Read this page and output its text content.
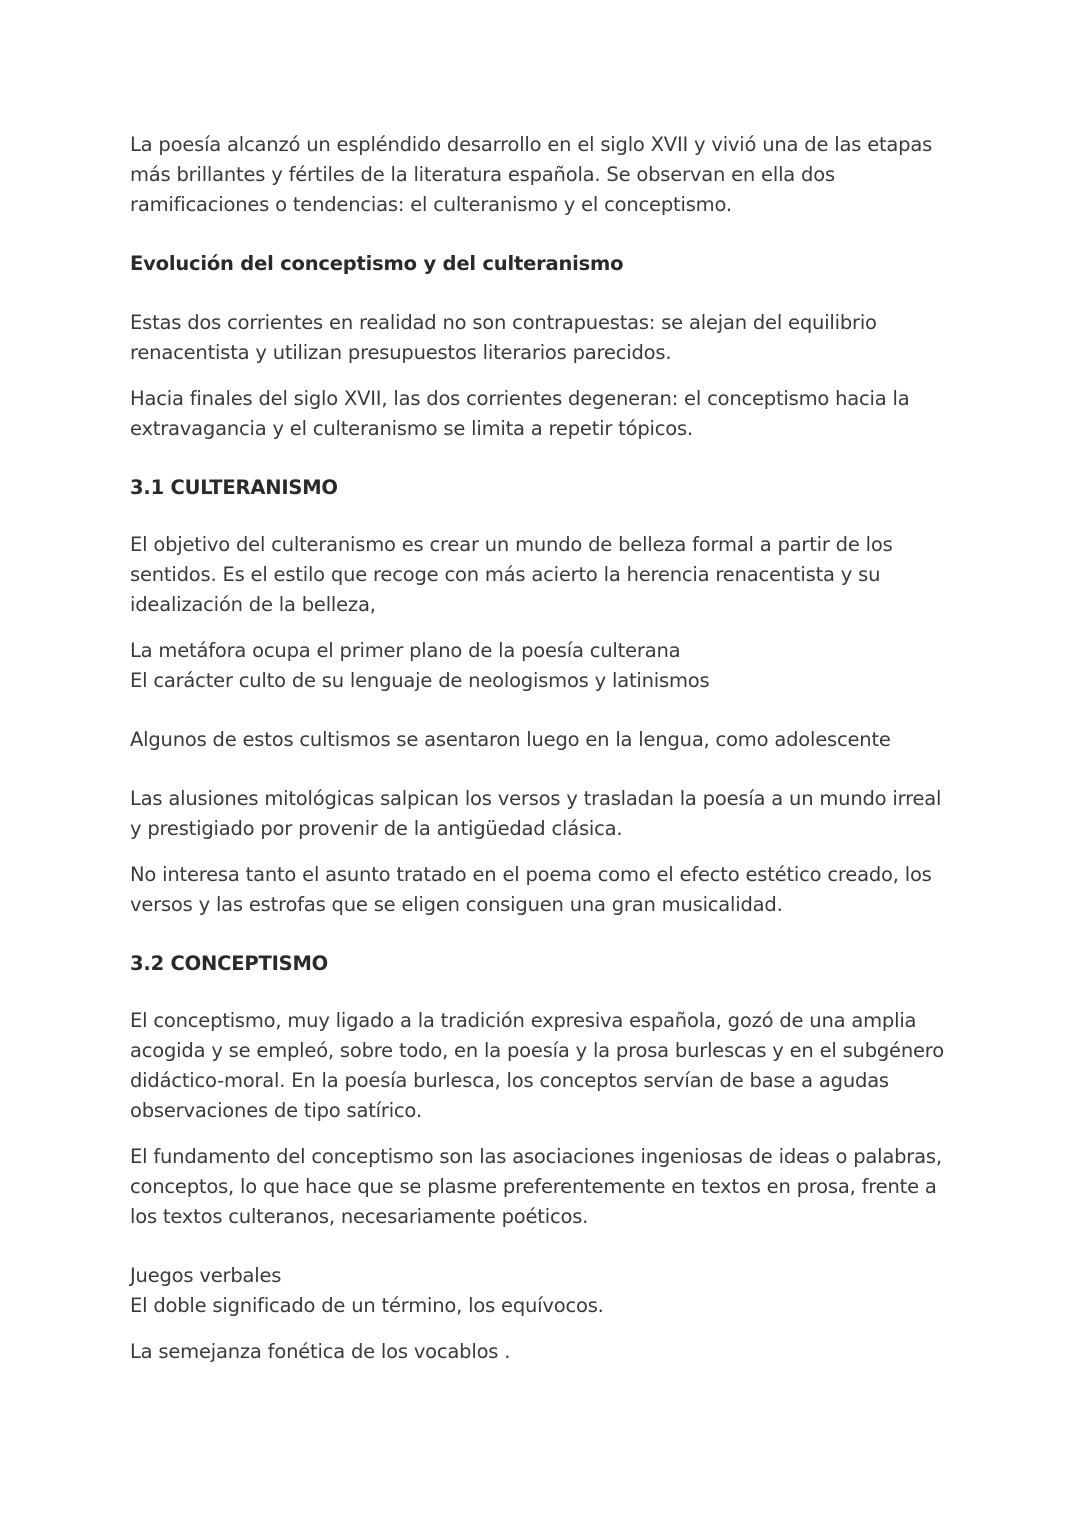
La poesía alcanzó un espléndido desarrollo en el siglo XVII y vivió una de las etapas
más brillantes y fértiles de la literatura española. Se observan en ella dos
ramificaciones o tendencias: el culteranismo y el conceptismo.

Evolución del conceptismo y del culteranismo

Estas dos corrientes en realidad no son contrapuestas: se alejan del equilibrio
renacentista y utilizan presupuestos literarios parecidos.

Hacia finales del siglo XVII, las dos corrientes degeneran: el conceptismo hacia la
extravagancia y el culteranismo se limita a repetir tópicos.

3.1 CULTERANISMO

El objetivo del culteranismo es crear un mundo de belleza formal a partir de los
sentidos. Es el estilo que recoge con más acierto la herencia renacentista y su
idealización de la belleza,

La metáfora ocupa el primer plano de la poesía culterana
El carácter culto de su lenguaje de neologismos y latinismos

Algunos de estos cultismos se asentaron luego en la lengua, como adolescente

Las alusiones mitológicas salpican los versos y trasladan la poesía a un mundo irreal
y prestigiado por provenir de la antigüedad clásica.

No interesa tanto el asunto tratado en el poema como el efecto estético creado, los
versos y las estrofas que se eligen consiguen una gran musicalidad.

3.2 CONCEPTISMO

El conceptismo, muy ligado a la tradición expresiva española, gozó de una amplia
acogida y se empleó, sobre todo, en la poesía y la prosa burlescas y en el subgénero
didáctico-moral. En la poesía burlesca, los conceptos servían de base a agudas
observaciones de tipo satírico.

El fundamento del conceptismo son las asociaciones ingeniosas de ideas o palabras,
conceptos, lo que hace que se plasme preferentemente en textos en prosa, frente a
los textos culteranos, necesariamente poéticos.

Juegos verbales
El doble significado de un término, los equívocos.

La semejanza fonética de los vocablos .
